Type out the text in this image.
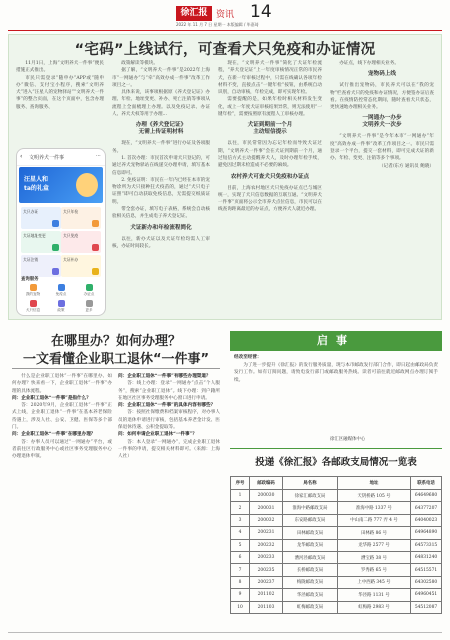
徐汇报 资讯 14
2022 年 11 月 7 日 星期一 本版编辑 / 毕嘉琦
“宅码”上线试行，可查看犬只免疫和办证情况

11月1日，上海“文明养犬一件事”便民措施正式推出。

市民只需登录“随申办”APP或“随申办”微信、支付宝小程序，搜索“文明养犬”进入“汪星人的宠物驿站”“文明养犬一件事”的整合页面，在这个页面中，包含办理服务、查询服务、

‹ 文明养犬一件事	⋯
汪星人和
ta的礼盒
犬只办证	犬只年检
犬证地址变更	犬只免疫
犬证注销	犬证补办
查询服务
我的宠物	免疫点	办证点
犬只信息	政策	更多

政策解读等模块。

据了解，“文明养犬一件事”是2022年上海市“一网通办”与“牵”高效办成一件事”改革工作项目之一。

具体来说，该事项根据原《养犬登记证》办理、年检、地址变更、补办、死亡注销等事项从流程上全面梳理上办理。以及免疫记录、办证人、养犬犬权等用于办理...

办理《养犬登记证》
无需上传证明材料

现在，“文明养犬一件事”进行办证及各项服务。

1. 首次办理：市民首次申请犬只登记的，可通过养犬宠物驿站在线递交办理申请，填写基本信息即可。

2. 免疫证明：市民在一年内已经在本市的宠物诊所为犬只接种狂犬疫苗的，通过“犬只电子证照”即可自动获取免疫信息，无需提交纸质证明。

带全套办证，填写电子表格，系统会自动核验相关信息，并生成电子养犬登记证。

犬证新办和年检流程简化

以往，新办犬证以及犬证年检均需人工审核，办证时间较长。

现在，“文明养犬一件事”简化了犬证年检流程，“养犬登记证”上一年度审核情况正常的市民养犬，在新一年审核过程中，只需在线确认各项年检材料不变，直接点击“一键年检”按钮，由系统自动识别，自动审核，年检完成，即可实现年检。

需要提醒的是，如果年检时相关材料发生变化，或上一年度犬证审核结果异常，则无法使用“一键年检”，需要按照原有流程人工审核办理。

犬证到期前一个月
主动短信提示

以往，市民常常因为忘记年检而导致犬证过期，“文明养犬一件事”会在犬证到期前一个月，通过短信方式主动提醒养犬人，及时办理年检手续，避免因过期未检造成不必要的麻烦。

农村养犬可查犬只免疫和办证点

目前，上海农村地区犬只免疫办证点已与城区统一，实现了犬只信息数据的互联互通。“文明养犬一件事”页面将公示全市养犬点位信息，市民可以在线查询距离最近的办证点，方便养犬人就近办理。

办证点，线下办理相关业务。

宠物码上线

试行推出宠物码，市民养犬可以在“我的宠物”栏查看犬只的免疫和办证情况，方便签办证后查看。在疫情防控常态化期间，随时查看犬只状态，更快速地办理相关业务。

一网通办一办步
文明养犬一次步

“文明养犬一件事”是今年本市“一网通办”年度“高效办成一件事”改革工作项目之一。市民只需登录一个平台，提交一套材料，即可完成犬证的新办、年检、变更、注销等多个事项。

（记者/东方 通讯员 鲍晓）

在哪里办？如何办理？
一文看懂企业职工退休“一件事”

什么是企业职工退休“一件事”在哪里办、如何办理？快来看一下，企业职工退休“一件事”办理的具体流程。

问：企业职工退休“一件事”是指什么？

答：2020年9月，企业职工退休“一件事”正式上线，企业职工退休“一件事”在基本养老保险待遇上，涉及人社、公安、卫健、医保等多个部门。

问：企业职工退休“一件事”在哪里办理？

答：办事人员可以通过“一网通办”平台，或者前往区行政服务中心或社区事务受理服务中心办理退休申领。

问：企业职工退休“一件事”有哪些办理渠道？

答：线上办理：登录“一网通办”点击“个人服务”，搜索“企业职工退休”。线下办理：到户籍所在地区社区事务受理服务中心窗口进行申请。

问：企业职工退休“一件事”的具体内容有哪些？

答：按照社保缴费和档案审核程序，对办事人员的退休申请进行审核，包括基本养老金计发、医保退休待遇、公积金提取等。

问：如何申请企业职工退休“一件事”？

答：本人登录“一网通办”，完成企业职工退休一件事的申请，提交相关材料即可。（来源：上海人社）

启事
经改至经营：

为了进一步提升《徐汇报》的发行服务质量，现与本市邮政发行部门合作，即日起由邮政局负责发行工作。如有订阅问题，请致电发行部门或邮政服务热线。读者可前往就近邮政网点办理订阅手续。

徐汇区融媒体中心
投递《徐汇报》各邮政支局情况一览表
序号	邮政编码	局名称	地址	联系电话
1	200030	徐家汇邮政支局	天钥桥路 105 号	64649680
2	200031	淮海中路邮政支局	淮海中路 1337 号	64377207
3	200032	东安路邮政支局	中山南二路 777 弄 4 号	64040023
4	200231	田林邮政支局	田林路 86 号	64964890
5	200232	龙华邮政支局	龙华路 2577 号	64573315
6	200233	漕河泾邮政支局	漕宝路 38 号	64831240
7	200235	长桥邮政支局	罗秀路 65 号	64515571
8	200237	梅陇邮政支局	上中西路 345 号	64302580
9	201102	华泾邮政支局	华泾路 1131 号	64960451
10	201103	虹梅邮政支局	虹梅路 2983 号	54512087
